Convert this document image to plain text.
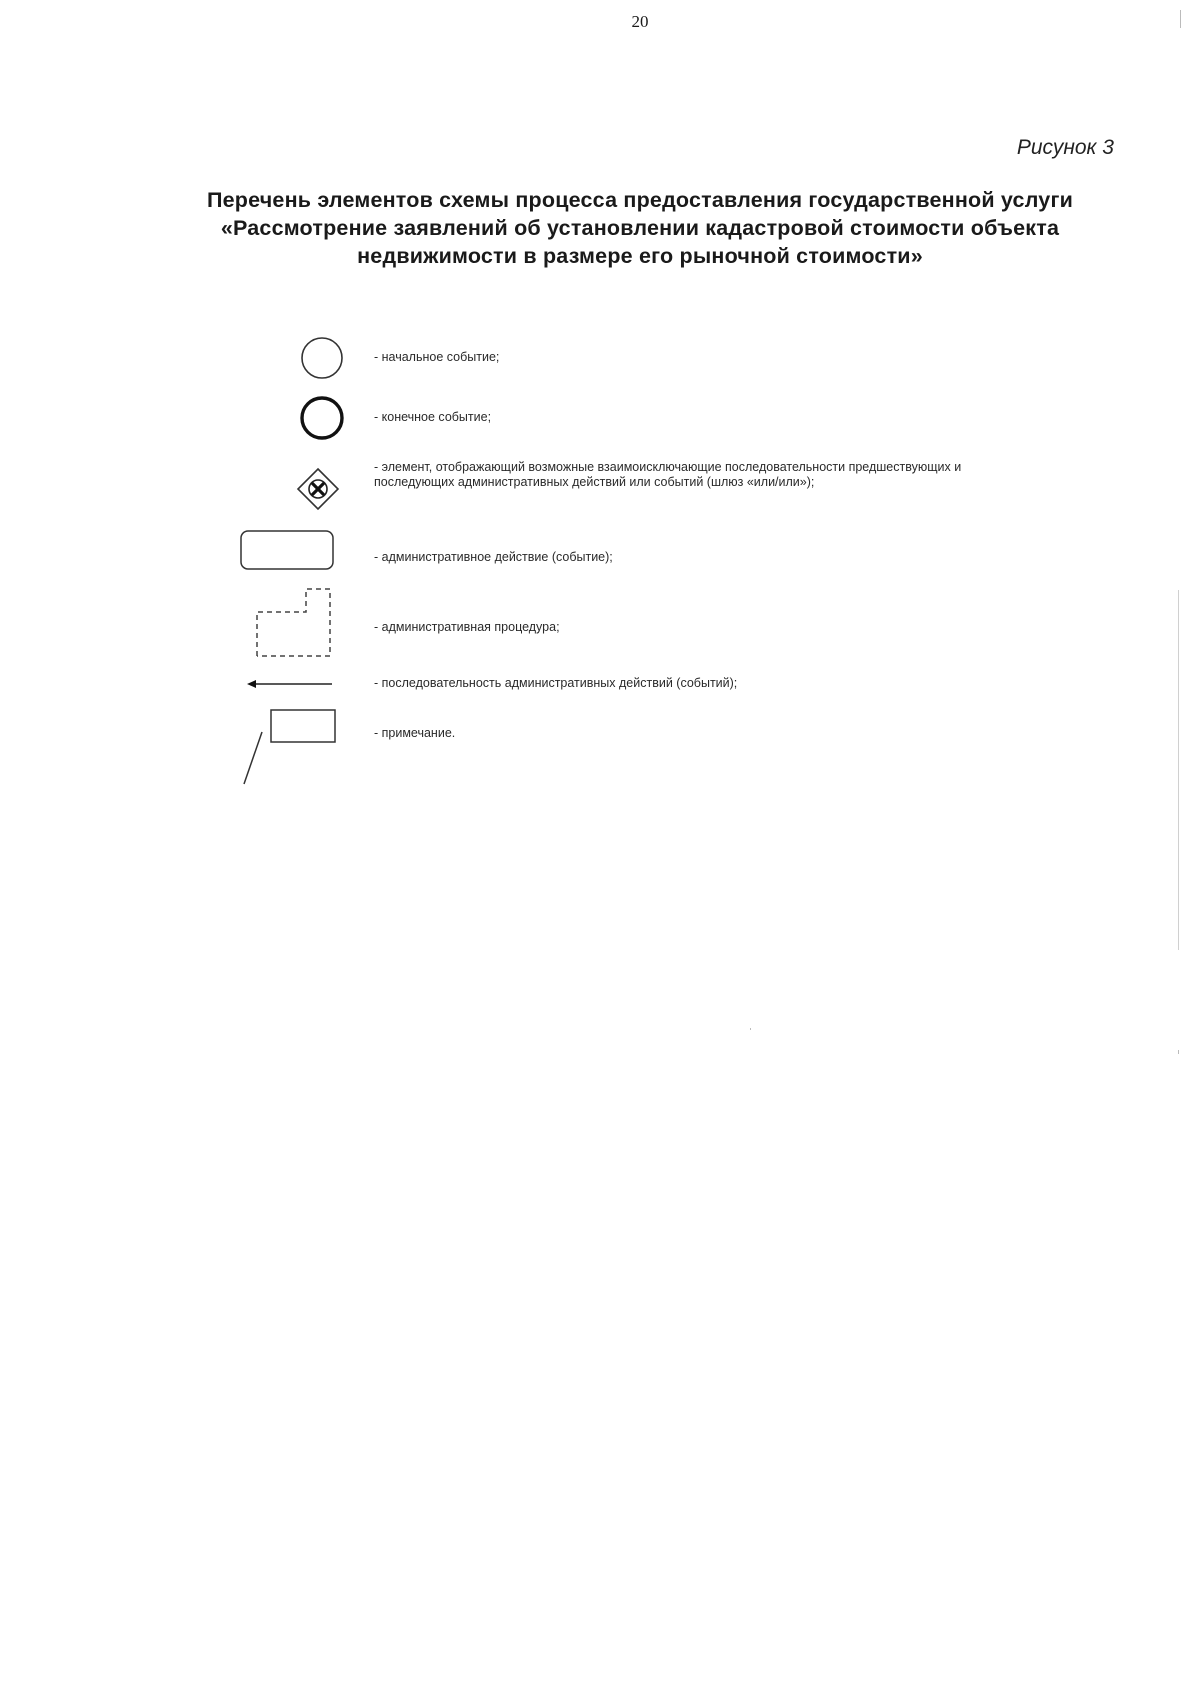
20
Рисунок 3
Перечень элементов схемы процесса предоставления государственной услуги «Рассмотрение заявлений об установлении кадастровой стоимости объекта недвижимости в размере его рыночной стоимости»
- начальное событие;
- конечное событие;
- элемент, отображающий возможные взаимоисключающие последовательности предшествующих и последующих административных действий или событий (шлюз «или/или»);
- административное действие (событие);
- административная процедура;
- последовательность административных действий (событий);
- примечание.
